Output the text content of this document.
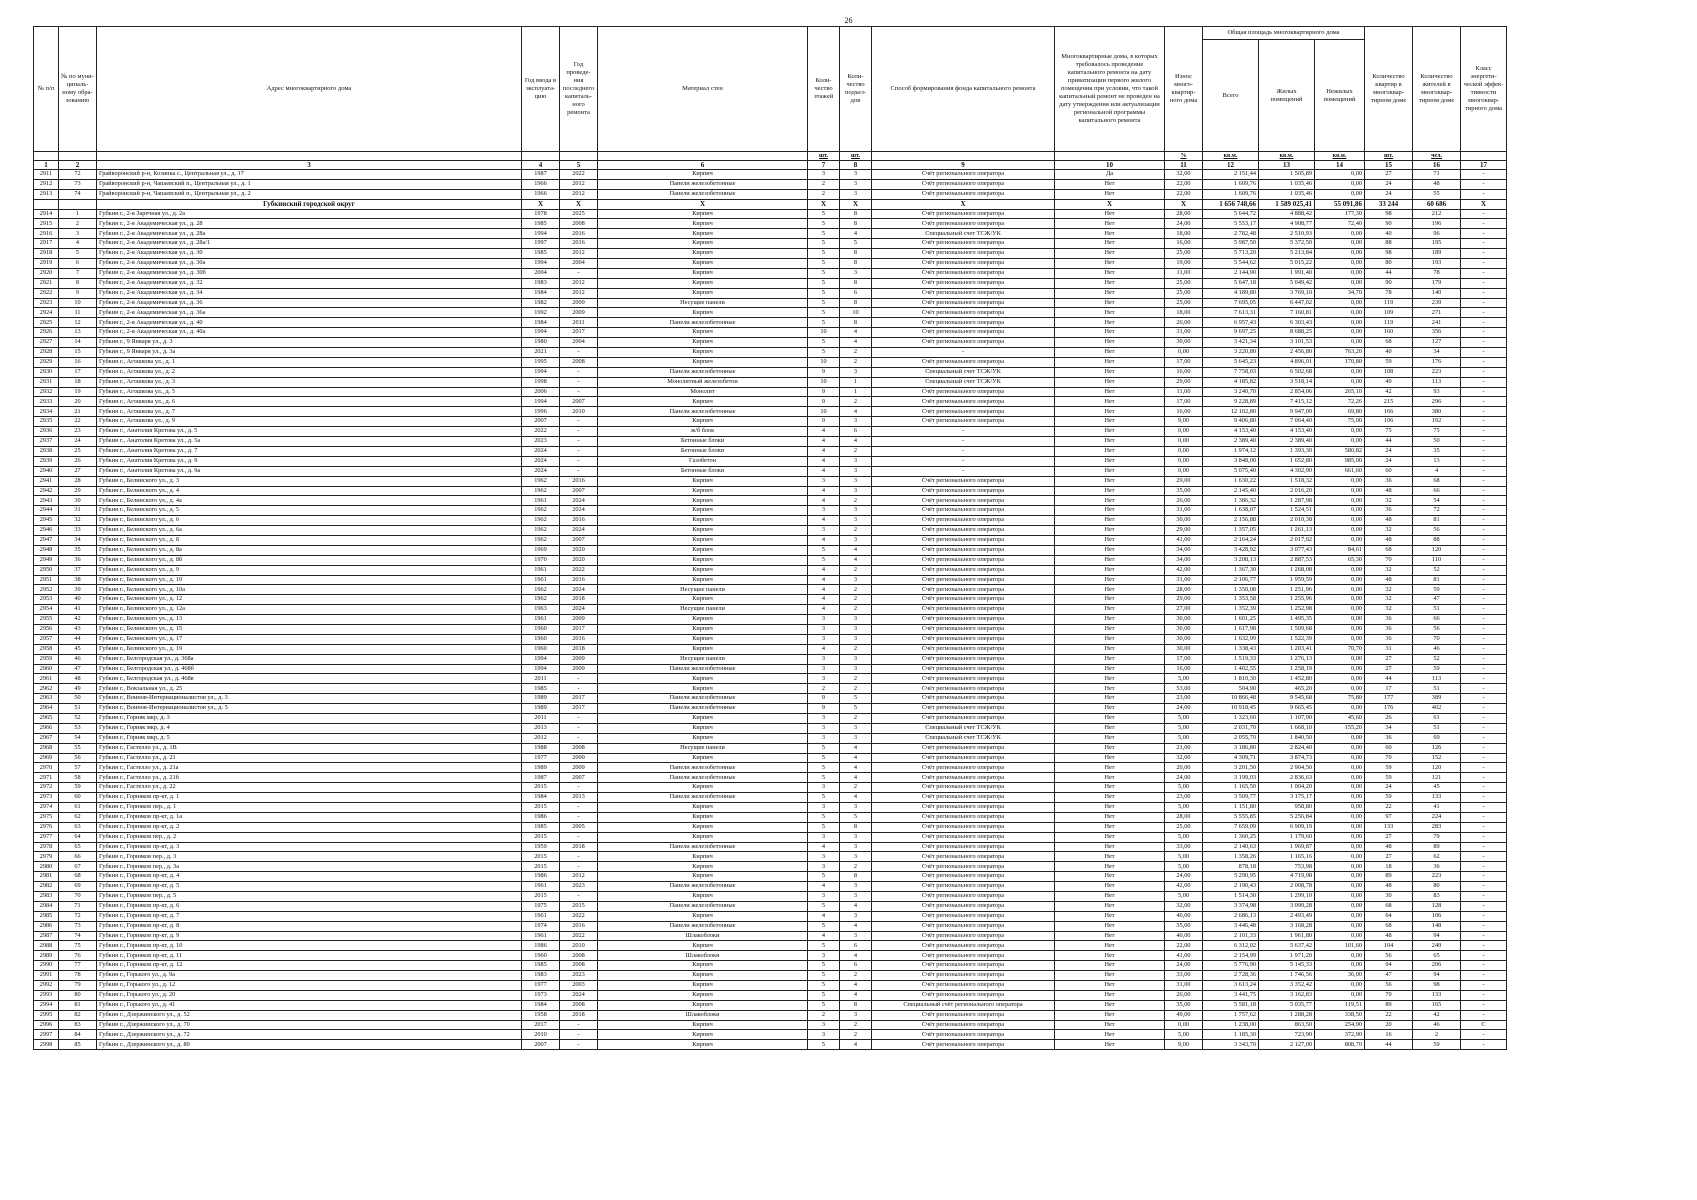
26
№ п/п	№ по муни-ципаль-ному обра-зованию	Адрес многоквартирного дома	Год ввода в эксплуата-цию	Год проведе-ния последнего капиталь-ного ремонта	Материал стен	Коли-чество этажей	Коли-чество подъез-дов	Способ формирования фонда капитального ремонта	Многоквартирные дома, в которых требовалось проведение капитального ремонта на дату приватизации первого жилого помещения при условии, что такой капитальный ремонт не проведен на дату утверждения или актуализации региональной программы капитального ремонта	Износ много-квартир-ного дома	Общая площадь многоквартирного дома			Количество квартир в многоквар-тирном доме	Количество жителей в многоквар-тирном доме	Класс энергети-ческой эффек-тивности многоквар-тирного дома
											Всего	Жилых помещений	Нежилых помещений			
						шт.	шт.			%	кв.м.	кв.м.	кв.м.	шт.	чел.	
1	2	3	4	5	6	7	8	9	10	11	12	13	14	15	16	17
2911	72	Грайворонский р-н, Козинка с., Центральная ул., д. 17	1987	2022	Кирпич	3	3	Счёт регионального оператора	Да	32,00	2 151,44	1 505,89	0,00	27	71	-
2912	73	Грайворонский р-н, Чапаевский п., Центральная ул., д. 1	1966	2012	Панели железобетонные	2	3	Счёт регионального оператора	Нет	22,00	1 609,76	1 035,46	0,00	24	48	-
2913	74	Грайворонский р-н, Чапаевский п., Центральная ул., д. 2	1966	2012	Панели железобетонные	2	3	Счёт регионального оператора	Нет	22,00	1 609,76	1 035,46	0,00	24	55	-
		Губкинский городской округ	X	X	X	X	X	X	X	X	1 656 748,66	1 589 025,41	55 091,86	33 244	60 686	X
2914	1	Губкин г., 2-я Заречная ул., д. 2а	1978	2025	Кирпич	5	8	Счёт регионального оператора	Нет	28,00	5 644,72	4 888,42	177,30	98	212	-
2915	2	Губкин г., 2-я Академическая ул., д. 28	1985	2008	Кирпич	5	8	Счёт регионального оператора	Нет	24,00	5 553,17	4 908,77	72,40	90	196	-
2916	3	Губкин г., 2-я Академическая ул., д. 28а	1994	2016	Кирпич	5	4	Специальный счет ТСЖ/УК	Нет	18,00	2 782,48	2 510,93	0,00	40	96	-
2917	4	Губкин г., 2-я Академическая ул., д. 28а/1	1997	2016	Кирпич	5	5	Счёт регионального оператора	Нет	16,00	5 987,50	5 372,50	0,00	88	195	-
2918	5	Губкин г., 2-я Академическая ул., д. 30	1985	2012	Кирпич	5	8	Счёт регионального оператора	Нет	25,00	5 713,20	5 213,84	0,00	98	189	-
2919	6	Губкин г., 2-я Академическая ул., д. 30а	1994	2004	Кирпич	5	8	Счёт регионального оператора	Нет	19,00	5 544,62	5 015,22	0,00	80	193	-
2920	7	Губкин г., 2-я Академическая ул., д. 30б	2004	-	Кирпич	5	3	Счёт регионального оператора	Нет	11,00	2 144,90	1 991,40	0,00	44	78	-
2921	8	Губкин г., 2-я Академическая ул., д. 32	1983	2012	Кирпич	5	8	Счёт регионального оператора	Нет	25,00	5 647,18	5 049,42	0,00	90	179	-
2922	9	Губкин г., 2-я Академическая ул., д. 34	1984	2012	Кирпич	5	6	Счёт регионального оператора	Нет	25,00	4 189,80	3 769,10	34,70	78	140	-
2923	10	Губкин г., 2-я Академическая ул., д. 36	1982	2009	Несущие панели	5	8	Счёт регионального оператора	Нет	25,00	7 695,05	6 447,02	0,00	119	239	-
2924	11	Губкин г., 2-я Академическая ул., д. 36а	1992	2009	Кирпич	5	10	Счёт регионального оператора	Нет	18,00	7 613,31	7 160,81	0,00	109	271	-
2925	12	Губкин г., 2-я Академическая ул., д. 40	1984	2011	Панели железобетонные	5	8	Счёт регионального оператора	Нет	26,00	6 957,43	6 303,43	0,00	119	241	-
2926	13	Губкин г., 2-я Академическая ул., д. 40а	1994	2017	Кирпич	10	4	Счёт регионального оператора	Нет	31,00	9 697,25	8 688,25	0,00	160	356	-
2927	14	Губкин г., 9 Января ул., д. 3	1980	2004	Кирпич	5	4	Счёт регионального оператора	Нет	30,00	3 421,34	3 101,53	0,00	68	127	-
2928	15	Губкин г., 9 Января ул., д. 3а	2021	-	Кирпич	5	2	-	Нет	0,00	3 220,80	2 456,80	763,20	40	34	-
2929	16	Губкин г., Агошкова ул., д. 1	1995	2008	Кирпич	10	2	Счёт регионального оператора	Нет	17,00	5 645,23	4 896,01	170,80	59	176	-
2930	17	Губкин г., Агошкова ул., д. 2	1994	-	Панели железобетонные	9	3	Специальный счет ТСЖ/УК	Нет	16,00	7 758,03	6 502,68	0,00	108	223	-
2931	18	Губкин г., Агошкова ул., д. 3	1998	-	Монолитный железобетон	10	1	Специальный счет ТСЖ/УК	Нет	29,00	4 185,82	3 518,14	0,00	49	113	-
2932	19	Губкин г., Агошкова ул., д. 5	2006	-	Монолит	9	1	Счёт регионального оператора	Нет	11,00	3 240,70	2 854,06	265,10	42	93	-
2933	20	Губкин г., Агошкова ул., д. 6	1994	2007	Кирпич	9	2	Счёт регионального оператора	Нет	17,00	9 228,89	7 415,12	72,26	215	296	-
2934	21	Губкин г., Агошкова ул., д. 7	1996	2010	Панели железобетонные	10	4	Счёт регионального оператора	Нет	16,00	12 102,80	9 947,09	69,80	166	380	-
2935	22	Губкин г., Агошкова ул., д. 9	2007	-	Кирпич	9	3	Счёт регионального оператора	Нет	9,00	9 406,80	7 064,40	75,00	106	192	-
2936	23	Губкин г., Анатолия Кретова ул., д. 5	2022	-	ж/б блок	4	6	-	Нет	0,00	4 153,40	4 153,40	0,00	75	75	-
2937	24	Губкин г., Анатолия Кретова ул., д. 5а	2023	-	Бетонные блоки	4	4	-	Нет	0,00	2 389,40	2 389,40	0,00	44	50	-
2938	25	Губкин г., Анатолия Кретова ул., д. 7	2024	-	Бетонные блоки	4	2	-	Нет	0,00	1 974,12	1 393,30	580,82	24	35	-
2939	26	Губкин г., Анатолия Кретова ул., д. 9	2024	-	Газобетон	4	3	-	Нет	0,00	3 848,00	1 652,80	985,00	24	13	-
2940	27	Губкин г., Анатолия Кретова ул., д. 9а	2024	-	Бетонные блоки	4	3	-	Нет	0,00	5 075,40	4 302,90	661,60	60	4	-
2941	28	Губкин г., Белинского ул., д. 3	1962	2016	Кирпич	3	3	Счёт регионального оператора	Нет	29,00	1 630,22	1 518,32	0,00	36	68	-
2942	29	Губкин г., Белинского ул., д. 4	1962	2007	Кирпич	4	3	Счёт регионального оператора	Нет	35,00	2 145,40	2 016,20	0,00	48	66	-
2943	30	Губкин г., Белинского ул., д. 4а	1961	2024	Кирпич	4	2	Счёт регионального оператора	Нет	26,00	1 386,32	1 287,98	0,00	32	54	-
2944	31	Губкин г., Белинского ул., д. 5	1962	2024	Кирпич	3	3	Счёт регионального оператора	Нет	31,00	1 638,07	1 524,51	0,00	36	72	-
2945	32	Губкин г., Белинского ул., д. 6	1962	2016	Кирпич	4	3	Счёт регионального оператора	Нет	30,00	2 156,88	2 010,38	0,00	48	81	-
2946	33	Губкин г., Белинского ул., д. 6а	1962	2024	Кирпич	3	2	Счёт регионального оператора	Нет	29,00	1 357,05	1 261,13	0,00	32	56	-
2947	34	Губкин г., Белинского ул., д. 8	1962	2007	Кирпич	4	3	Счёт регионального оператора	Нет	41,00	2 164,24	2 017,92	0,00	48	88	-
2948	35	Губкин г., Белинского ул., д. 8а	1969	2020	Кирпич	5	4	Счёт регионального оператора	Нет	34,00	3 428,92	3 077,43	84,61	68	120	-
2949	36	Губкин г., Белинского ул., д. 8б	1970	2020	Кирпич	5	4	Счёт регионального оператора	Нет	34,00	3 208,13	2 887,53	65,30	70	110	-
2950	37	Губкин г., Белинского ул., д. 9	1961	2022	Кирпич	4	2	Счёт регионального оператора	Нет	42,00	1 367,30	1 268,08	0,00	32	52	-
2951	38	Губкин г., Белинского ул., д. 10	1961	2016	Кирпич	4	3	Счёт регионального оператора	Нет	31,00	2 106,77	1 959,59	0,00	48	81	-
2952	39	Губкин г., Белинского ул., д. 10а	1962	2024	Несущие панели	4	2	Счёт регионального оператора	Нет	28,00	1 350,08	1 251,96	0,00	32	59	-
2953	40	Губкин г., Белинского ул., д. 12	1962	2018	Кирпич	4	2	Счёт регионального оператора	Нет	29,00	1 353,58	1 255,96	0,00	32	47	-
2954	41	Губкин г., Белинского ул., д. 12а	1963	2024	Несущие панели	4	2	Счёт регионального оператора	Нет	27,00	1 352,39	1 252,98	0,00	32	51	-
2955	42	Губкин г., Белинского ул., д. 13	1961	2009	Кирпич	3	3	Счёт регионального оператора	Нет	30,00	1 601,25	1 495,35	0,00	36	66	-
2956	43	Губкин г., Белинского ул., д. 15	1960	2017	Кирпич	3	3	Счёт регионального оператора	Нет	30,00	1 617,98	1 509,68	0,00	36	56	-
2957	44	Губкин г., Белинского ул., д. 17	1960	2016	Кирпич	3	3	Счёт регионального оператора	Нет	30,00	1 632,99	1 522,39	0,00	36	70	-
2958	45	Губкин г., Белинского ул., д. 19	1960	2018	Кирпич	4	2	Счёт регионального оператора	Нет	30,00	1 338,43	1 203,41	70,70	31	46	-
2959	46	Губкин г., Белгородская ул., д. 368а	1994	2009	Несущие панели	3	3	Счёт регионального оператора	Нет	17,00	1 519,33	1 276,13	0,00	27	52	-
2960	47	Губкин г., Белгородская ул., д. 468б	1994	2009	Панели железобетонные	3	3	Счёт регионального оператора	Нет	16,00	1 402,55	1 258,19	0,00	27	59	-
2961	48	Губкин г., Белгородская ул., д. 468в	2011	-	Кирпич	3	2	Счёт регионального оператора	Нет	5,00	1 810,30	1 452,80	0,00	44	113	-
2962	49	Губкин г., Вокзальная ул., д. 25	1985	-	Кирпич	2	2	Счёт регионального оператора	Нет	53,00	504,90	465,20	0,00	17	51	-
2963	50	Губкин г., Воинов-Интернационалистов ул., д. 3	1989	2017	Панели железобетонные	9	5	Счёт регионального оператора	Нет	23,00	10 866,48	9 545,68	75,80	177	389	-
2964	51	Губкин г., Воинов-Интернационалистов ул., д. 5	1989	2017	Панели железобетонные	9	5	Счёт регионального оператора	Нет	24,00	10 918,45	9 665,45	0,00	176	402	-
2965	52	Губкин г., Горняк мкр, д. 3	2011	-	Кирпич	3	2	Счёт регионального оператора	Нет	5,00	1 323,60	1 107,90	45,60	26	61	-
2966	53	Губкин г., Горняк мкр, д. 4	2013	-	Кирпич	3	3	Специальный счет ТСЖ/УК	Нет	5,00	2 031,70	1 668,10	155,20	34	51	-
2967	54	Губкин г., Горняк мкр, д. 5	2012	-	Кирпич	3	3	Специальный счет ТСЖ/УК	Нет	5,00	2 055,70	1 840,50	0,00	36	69	-
2968	55	Губкин г., Гастелло ул., д. 1В	1988	2008	Несущие панели	5	4	Счёт регионального оператора	Нет	21,00	3 186,80	2 824,40	0,00	60	126	-
2969	56	Губкин г., Гастелло ул., д. 21	1977	2000	Кирпич	5	4	Счёт регионального оператора	Нет	32,00	4 309,71	3 874,73	0,00	70	152	-
2970	57	Губкин г., Гастелло ул., д. 21а	1989	2009	Панели железобетонные	5	4	Счёт регионального оператора	Нет	20,00	3 201,50	2 904,50	0,00	59	120	-
2971	58	Губкин г., Гастелло ул., д. 21б	1987	2007	Панели железобетонные	5	4	Счёт регионального оператора	Нет	24,00	3 199,03	2 836,63	0,00	59	121	-
2972	59	Губкин г., Гастелло ул., д. 22	2015	-	Кирпич	3	2	Счёт регионального оператора	Нет	5,00	1 165,50	1 004,20	0,00	24	45	-
2973	60	Губкин г., Горняков пр-кт, д. 1	1984	2013	Панели железобетонные	5	4	Счёт регионального оператора	Нет	23,00	3 509,77	3 175,17	0,00	59	133	-
2974	61	Губкин г., Горняков пер., д. 1	2015	-	Кирпич	3	3	Счёт регионального оператора	Нет	5,00	1 151,80	958,80	0,00	22	41	-
2975	62	Губкин г., Горняков пр-кт, д. 1а	1986	-	Кирпич	5	5	Счёт регионального оператора	Нет	28,00	5 555,85	5 256,84	0,00	97	224	-
2976	63	Губкин г., Горняков пр-кт, д. 2	1985	2005	Кирпич	5	8	Счёт регионального оператора	Нет	25,00	7 659,09	6 909,19	0,00	133	283	-
2977	64	Губкин г., Горняков пер., д. 2	2015	-	Кирпич	3	3	Счёт регионального оператора	Нет	5,00	1 360,25	1 179,60	0,00	27	79	-
2978	65	Губкин г., Горняков пр-кт, д. 3	1959	2018	Панели железобетонные	4	3	Счёт регионального оператора	Нет	33,00	2 140,63	1 969,87	0,00	48	89	-
2979	66	Губкин г., Горняков пер., д. 3	2015	-	Кирпич	3	3	Счёт регионального оператора	Нет	5,00	1 358,26	1 165,16	0,00	27	62	-
2980	67	Губкин г., Горняков пер., д. 3а	2015	-	Кирпич	3	2	Счёт регионального оператора	Нет	5,00	878,18	753,98	0,00	18	36	-
2981	68	Губкин г., Горняков пр-кт, д. 4	1986	2012	Кирпич	5	8	Счёт регионального оператора	Нет	24,00	5 290,95	4 719,98	0,00	89	223	-
2982	69	Губкин г., Горняков пр-кт, д. 5	1961	2023	Панели железобетонные	4	3	Счёт регионального оператора	Нет	42,00	2 190,43	2 008,78	0,00	48	80	-
2983	70	Губкин г., Горняков пер., д. 5	2015	-	Кирпич	3	3	Счёт регионального оператора	Нет	5,00	1 514,30	1 299,10	0,00	30	83	-
2984	71	Губкин г., Горняков пр-кт, д. 6	1975	2015	Панели железобетонные	5	4	Счёт регионального оператора	Нет	32,00	3 374,98	3 099,28	0,00	68	128	-
2985	72	Губкин г., Горняков пр-кт, д. 7	1961	2022	Кирпич	4	3	Счёт регионального оператора	Нет	40,00	2 686,13	2 493,49	0,00	64	106	-
2986	73	Губкин г., Горняков пр-кт, д. 8	1974	2016	Панели железобетонные	5	4	Счёт регионального оператора	Нет	35,00	3 446,48	3 168,28	0,00	68	148	-
2987	74	Губкин г., Горняков пр-кт, д. 9	1961	2022	Шлакоблоки	4	3	Счёт регионального оператора	Нет	40,00	2 101,33	1 961,80	0,00	48	94	-
2988	75	Губкин г., Горняков пр-кт, д. 10	1986	2010	Кирпич	5	6	Счёт регионального оператора	Нет	22,00	6 312,02	5 637,42	101,60	104	249	-
2989	76	Губкин г., Горняков пр-кт, д. 11	1960	2008	Шлакоблоки	3	4	Счёт регионального оператора	Нет	41,00	2 154,99	1 971,20	0,00	56	65	-
2990	77	Губкин г., Горняков пр-кт, д. 12	1985	2008	Кирпич	5	6	Счёт регионального оператора	Нет	24,00	5 776,90	5 145,33	0,00	94	206	-
2991	78	Губкин г., Горького ул., д. 9а	1983	2023	Кирпич	5	2	Счёт регионального оператора	Нет	33,00	2 728,36	1 746,56	36,00	47	94	-
2992	79	Губкин г., Горького ул., д. 12	1977	2003	Кирпич	5	4	Счёт регионального оператора	Нет	31,00	3 613,24	3 352,42	0,00	56	98	-
2993	80	Губкин г., Горького ул., д. 20	1973	2024	Кирпич	5	4	Счёт регионального оператора	Нет	26,00	3 441,75	3 162,83	0,00	70	133	-
2994	81	Губкин г., Горького ул., д. 41	1984	2008	Кирпич	5	8	Специальный счёт регионального оператора	Нет	35,00	5 581,18	5 035,77	119,51	89	165	-
2995	82	Губкин г., Дзержинского ул., д. 52	1958	2018	Шлакоблоки	2	3	Счёт регионального оператора	Нет	49,00	1 757,62	1 288,28	338,50	22	42	-
2996	83	Губкин г., Дзержинского ул., д. 70	2017	-	Кирпич	3	2	Счёт регионального оператора	Нет	0,00	1 238,00	863,50	254,90	20	46	С
2997	84	Губкин г., Дзержинского ул., д. 72	2010	-	Кирпич	3	2	Счёт регионального оператора	Нет	5,00	1 185,30	723,90	372,90	16	2	-
2998	85	Губкин г., Дзержинского ул., д. 80	2007	-	Кирпич	5	4	Счёт регионального оператора	Нет	9,00	3 343,70	2 127,00	808,70	44	59	-
